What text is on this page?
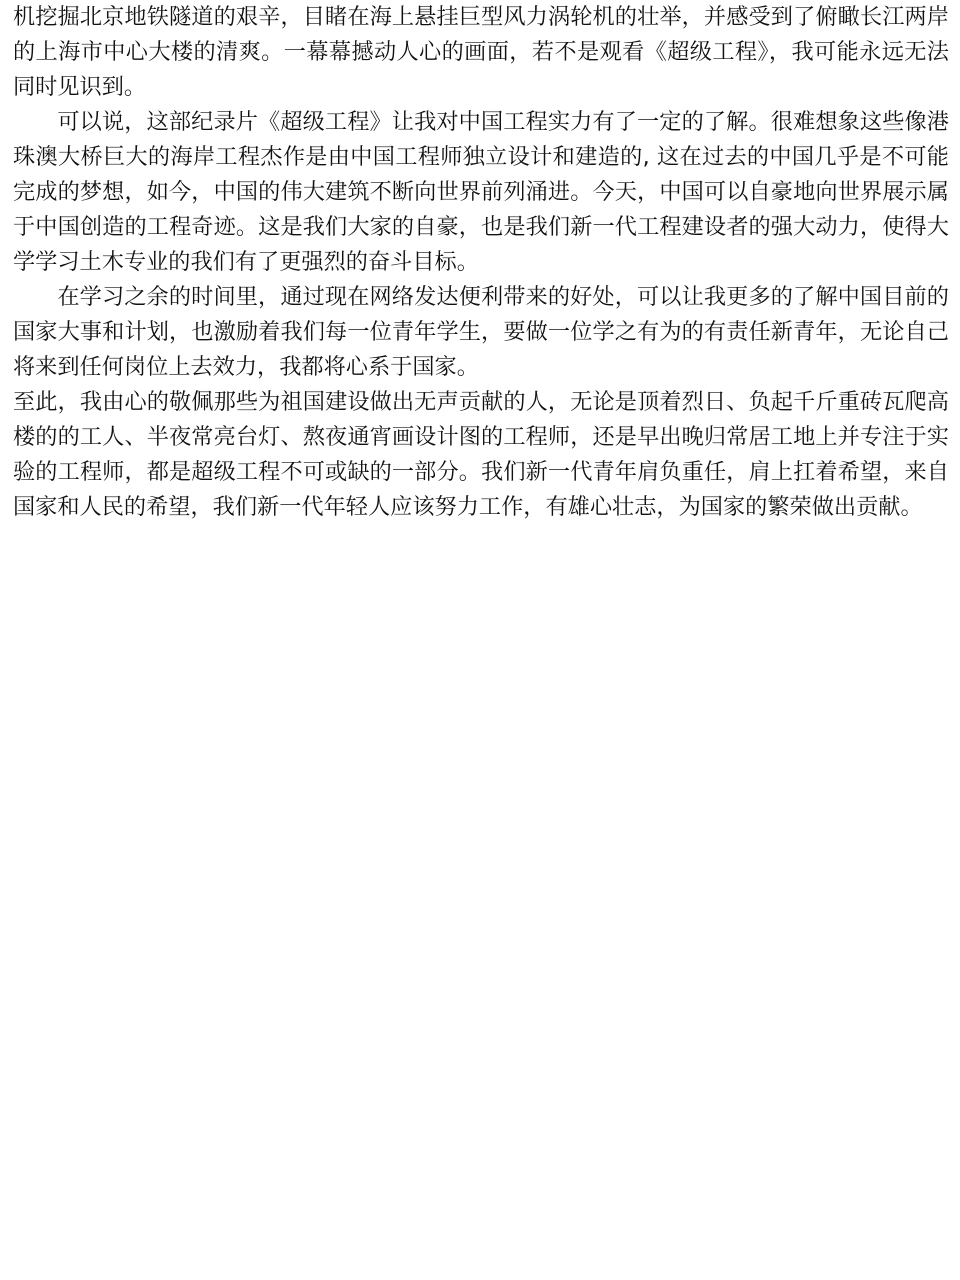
机挖掘北京地铁隧道的艰辛，目睹在海上悬挂巨型风力涡轮机的壮举，并感受到了俯瞰长江两岸的上海市中心大楼的清爽。一幕幕撼动人心的画面，若不是观看《超级工程》，我可能永远无法同时见识到。

可以说，这部纪录片《超级工程》让我对中国工程实力有了一定的了解。很难想象这些像港珠澳大桥巨大的海岸工程杰作是由中国工程师独立设计和建造的, 这在过去的中国几乎是不可能完成的梦想，如今，中国的伟大建筑不断向世界前列涌进。今天，中国可以自豪地向世界展示属于中国创造的工程奇迹。这是我们大家的自豪，也是我们新一代工程建设者的强大动力，使得大学学习土木专业的我们有了更强烈的奋斗目标。

在学习之余的时间里，通过现在网络发达便利带来的好处，可以让我更多的了解中国目前的国家大事和计划，也激励着我们每一位青年学生，要做一位学之有为的有责任新青年，无论自己将来到任何岗位上去效力，我都将心系于国家。

至此，我由心的敬佩那些为祖国建设做出无声贡献的人，无论是顶着烈日、负起千斤重砖瓦爬高楼的的工人、半夜常亮台灯、熬夜通宵画设计图的工程师，还是早出晚归常居工地上并专注于实验的工程师，都是超级工程不可或缺的一部分。我们新一代青年肩负重任，肩上扛着希望，来自国家和人民的希望，我们新一代年轻人应该努力工作，有雄心壮志，为国家的繁荣做出贡献。
